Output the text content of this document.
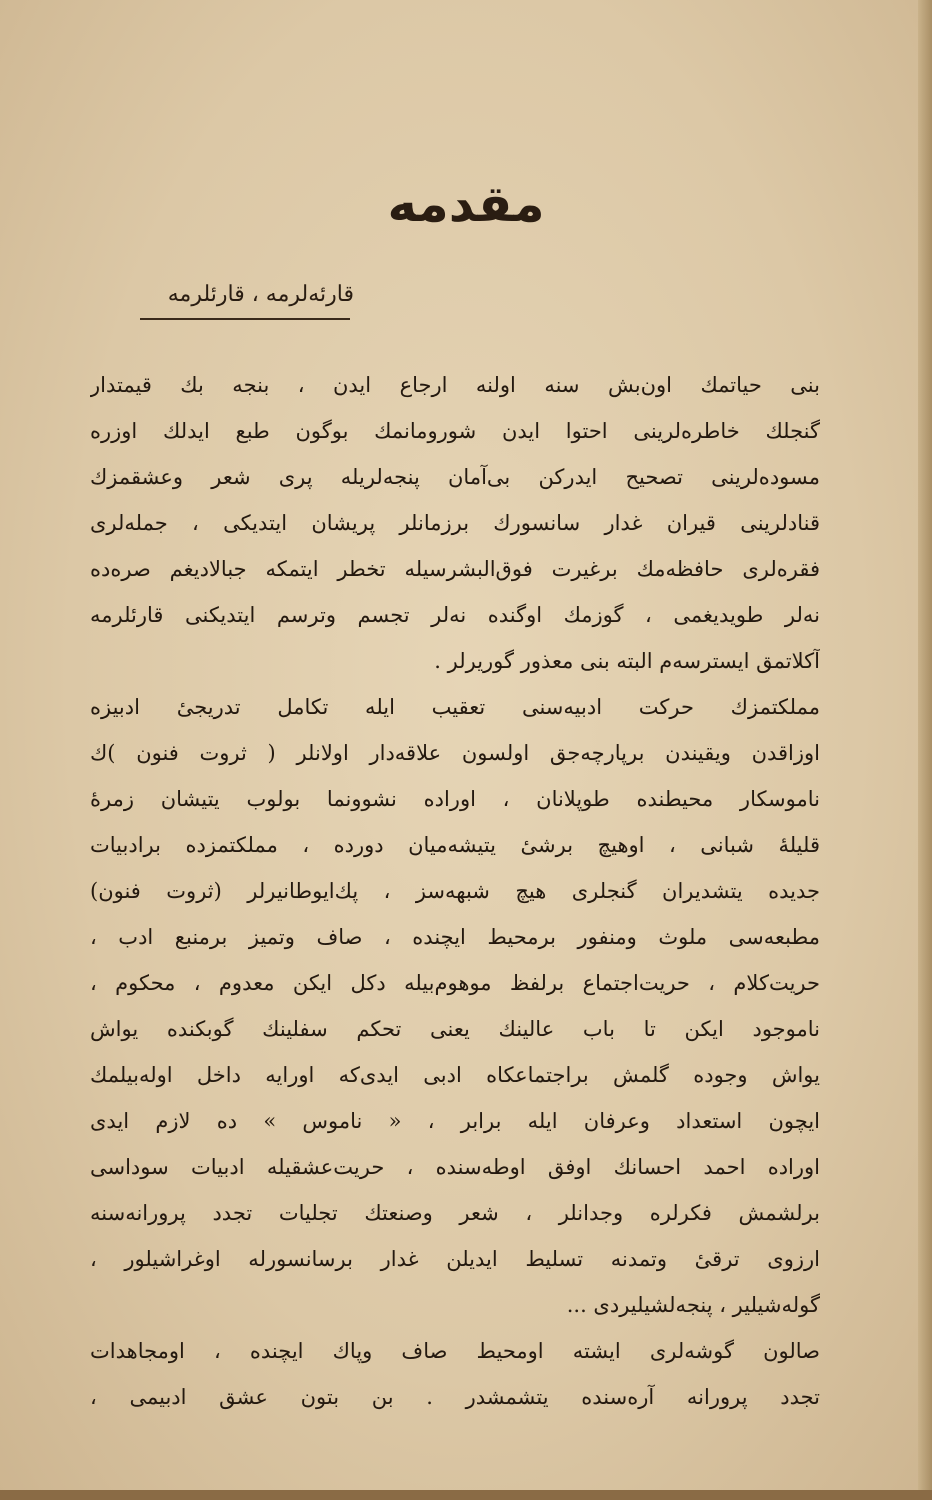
مقدمه
قارئه‌لرمه ، قارئلرمه
بنی حیاتمك اون‌بش سنه اولنه ارجاع ایدن ، بنجه بك قیمتدار
گنجلك خاطره‌لرینی احتوا ایدن شورومانمك بوگون طبع ایدلك اوزره
مسوده‌لرینی تصحیح ایدرکن بی‌آمان پنجه‌لریله پری شعر وعشقمزك
قنادلرینی قیران غدار سانسورك برزمانلر پریشان ایتدیکی ، جمله‌لری
فقره‌لری حافظه‌مك برغیرت فوق‌البشرسیله تخطر ایتمکه جبالادیغم صره‌ده
نه‌لر طویدیغمی ، گوزمك اوگنده نه‌لر تجسم وترسم ایتدیکنی قارئلرمه
آکلاتمق ایسترسه‌م البته بنی معذور گوریرلر .
مملکتمزك حرکت ادبیه‌سنی تعقیب ایله تکامل تدریجیٔ ادبیزه
اوزاقدن ویقیندن برپارچه‌جق اولسون علاقه‌دار اولانلر ( ثروت فنون )ك
ناموسکار محیطنده طوپلانان ، اوراده نشوونما بولوب یتیشان زمرهٔ
قلیلهٔ شبانی ، اوهیچ برشیٔ یتیشه‌میان دورده ، مملکتمزده برادبیات
جدیده یتشدیران گنجلری هیچ شبهه‌سز ، پك‌ایوطانیرلر (ثروت فنون)
مطبعه‌سی ملوث ومنفور برمحیط ایچنده ، صاف وتمیز برمنبع ادب ،
حریت‌کلام ، حریت‌اجتماع برلفظ موهوم‌بیله دکل ایکن معدوم ، محکوم ،
ناموجود ایکن تا باب عالینك یعنی تحکم سفلینك گوبکنده یواش
یواش وجوده گلمش براجتماعکاه ادبی ایدی‌که اورایه داخل اوله‌بیلمك
ایچون استعداد وعرفان ایله برابر ، « ناموس » ده لازم ایدی
اوراده احمد احسانك اوفق اوطه‌سنده ، حریت‌عشقیله ادبیات سوداسی
برلشمش فکرلره وجدانلر ، شعر وصنعتك تجلیات تجدد پرورانه‌سنه
ارزوی ترقیٔ وتمدنه تسلیط ایدیلن غدار برسانسورله اوغراشیلور ،
گوله‌شیلیر ، پنجه‌لشیلیردی ...
صالون گوشه‌لری ایشته اومحیط صاف وپاك ایچنده ، اومجاهدات
تجدد پرورانه آره‌سنده یتشمشدر . بن بتون عشق ادبیمی ،
